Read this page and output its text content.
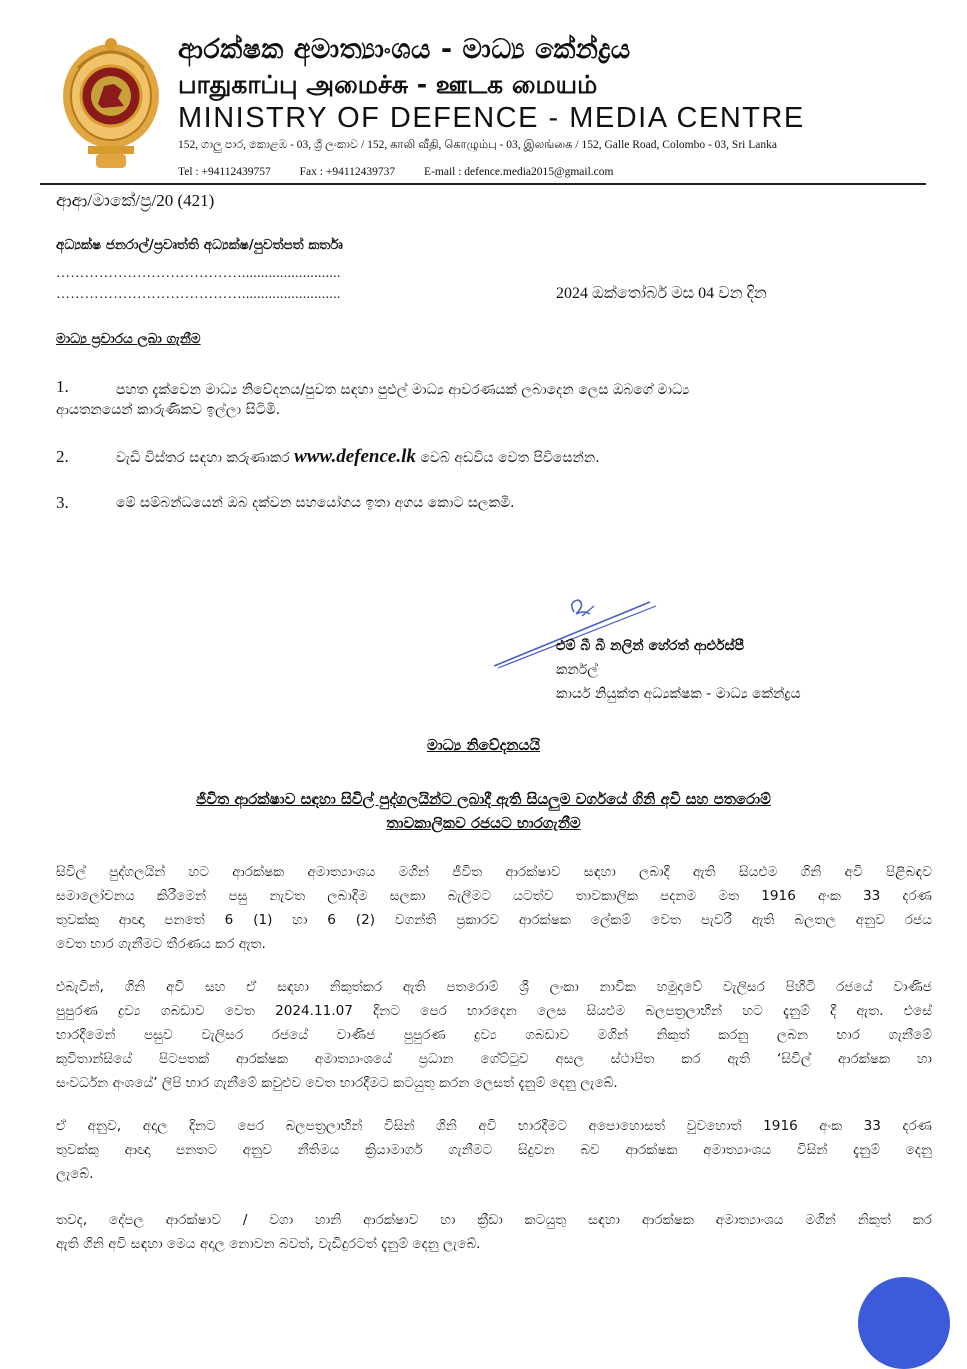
ආරක්ෂක අමාත්‍යාංශය - මාධ්‍ය කේන්ද්‍රය
பாதுகாப்பு அமைச்சு - ஊடக மையம்
MINISTRY OF DEFENCE - MEDIA CENTRE
152, ගාලු පාර, කොළඹ - 03, ශ්‍රී ලංකාව / 152, காலி வீதி, கொழும்பு - 03, இலங்கை / 152, Galle Road, Colombo - 03, Sri Lanka
Tel : +94112439757	Fax : +94112439737	E-mail : defence.media2015@gmail.com
ආආ/මාකේ/ප්‍ර/20 (421)
අධ්‍යක්ෂ ජනරාල්/ප්‍රවෘත්ති අධ්‍යක්ෂ/පුවත්පත් කර්තෘ
…………………………………..........................
…………………………………..........................	2024 ඔක්තෝබර් මස 04 වන දින
මාධ්‍ය ප්‍රචාරය ලබා ගැනීම
1.	පහත දැක්වෙන මාධ්‍ය නිවේදනය/පුවත සඳහා පුළුල් මාධ්‍ය ආවරණයක් ලබාදෙන ලෙස ඔබගේ මාධ්‍ය
ආයතනයෙන් කාරුණිකව ඉල්ලා සිටිමි.
2.	වැඩි විස්තර සඳහා කරුණාකර www.defence.lk වෙබ් අඩවිය වෙත පිවිසෙන්න.
3.	මේ සම්බන්ධයෙන් ඔබ දක්වන සහයෝගය ඉතා අගය කොට සලකමි.
එම් බී බී නලින් හේරත් ආර්එස්පී
කර්නල්
කාර්ය නියුක්ත අධ්‍යක්ෂක - මාධ්‍ය කේන්ද්‍රය
මාධ්‍ය නිවේදනයයි
ජීවිත ආරක්ෂාව සඳහා සිවිල් පුද්ගලයින්ට ලබාදී ඇති සියලුම වර්ගයේ ගිනි අවි සහ පතරොම්
තාවකාලිකව රජයට භාරගැනීම
සිවිල් පුද්ගලයින් හට ආරක්ෂක අමාත්‍යාංශය මගින් ජීවිත ආරක්ෂාව සඳහා ලබාදී ඇති සියළුම ගිනි අවි පිළිබඳව
සමාලෝචනය කිරීමෙන් පසු නැවත ලබාදීම සලකා බැලීමට යටත්ව තාවකාලික පදනම මත 1916 අංක 33 දරණ
තුවක්කු ආඥා පනතේ 6 (1) හා 6 (2) වගන්ති ප්‍රකාරව ආරක්ෂක ලේකම් වෙත පැවරී ඇති බලතල අනුව රජය
වෙත භාර ගැනීමට තීරණය කර ඇත.
එබැවින්, ගිනි අවි සහ ඒ සඳහා නිකුත්කර ඇති පතරොම් ශ්‍රී ලංකා නාවික හමුදාවේ වැලිසර පිහිටි රජයේ වාණිජ
පුපුරණ ද්‍රව්‍ය ගබඩාව වෙත 2024.11.07 දිනට පෙර භාරදෙන ලෙස සියළුම බලපත්‍රලාභීන් හට දැනුම් දී ඇත. එසේ
භාරදීමෙන් පසුව වැලිසර රජයේ වාණිජ පුපුරණ ද්‍රව්‍ය ගබඩාව මගින් නිකුත් කරනු ලබන භාර ගැනීමේ
කුවිතාන්සියේ පිටපතක් ආරක්ෂක අමාත්‍යාංශයේ ප්‍රධාන ගේට්ටුව අසල ස්ථාපිත කර ඇති ‘සිවිල් ආරක්ෂක හා
සංවර්ධන අංශයේ’ ලිපි භාර ගැනීමේ කවුළුව වෙත භාරදීමට කටයුතු කරන ලෙසත් දැනුම් දෙනු ලැබේ.
ඒ අනුව, අදාල දිනට පෙර බලපත්‍රලාභීන් විසින් ගිනි අවි භාරදීමට අපොහොසත් වුවහොත් 1916 අංක 33 දරණ
තුවක්කු ආඥා පනතට අනුව නීතිමය ක්‍රියාමාර්ග ගැනීමට සිදුවන බව ආරක්ෂක අමාත්‍යාංශය විසින් දැනුම් දෙනු
ලැබේ.
තවද, දේපල ආරක්ෂාව / වගා හානි ආරක්ෂාව හා ක්‍රීඩා කටයුතු සඳහා ආරක්ෂක අමාත්‍යාංශය මගින් නිකුත් කර
ඇති ගිනි අවි සඳහා මෙය අදාල නොවන බවත්, වැඩිදුරටත් දැනුම් දෙනු ලැබේ.
